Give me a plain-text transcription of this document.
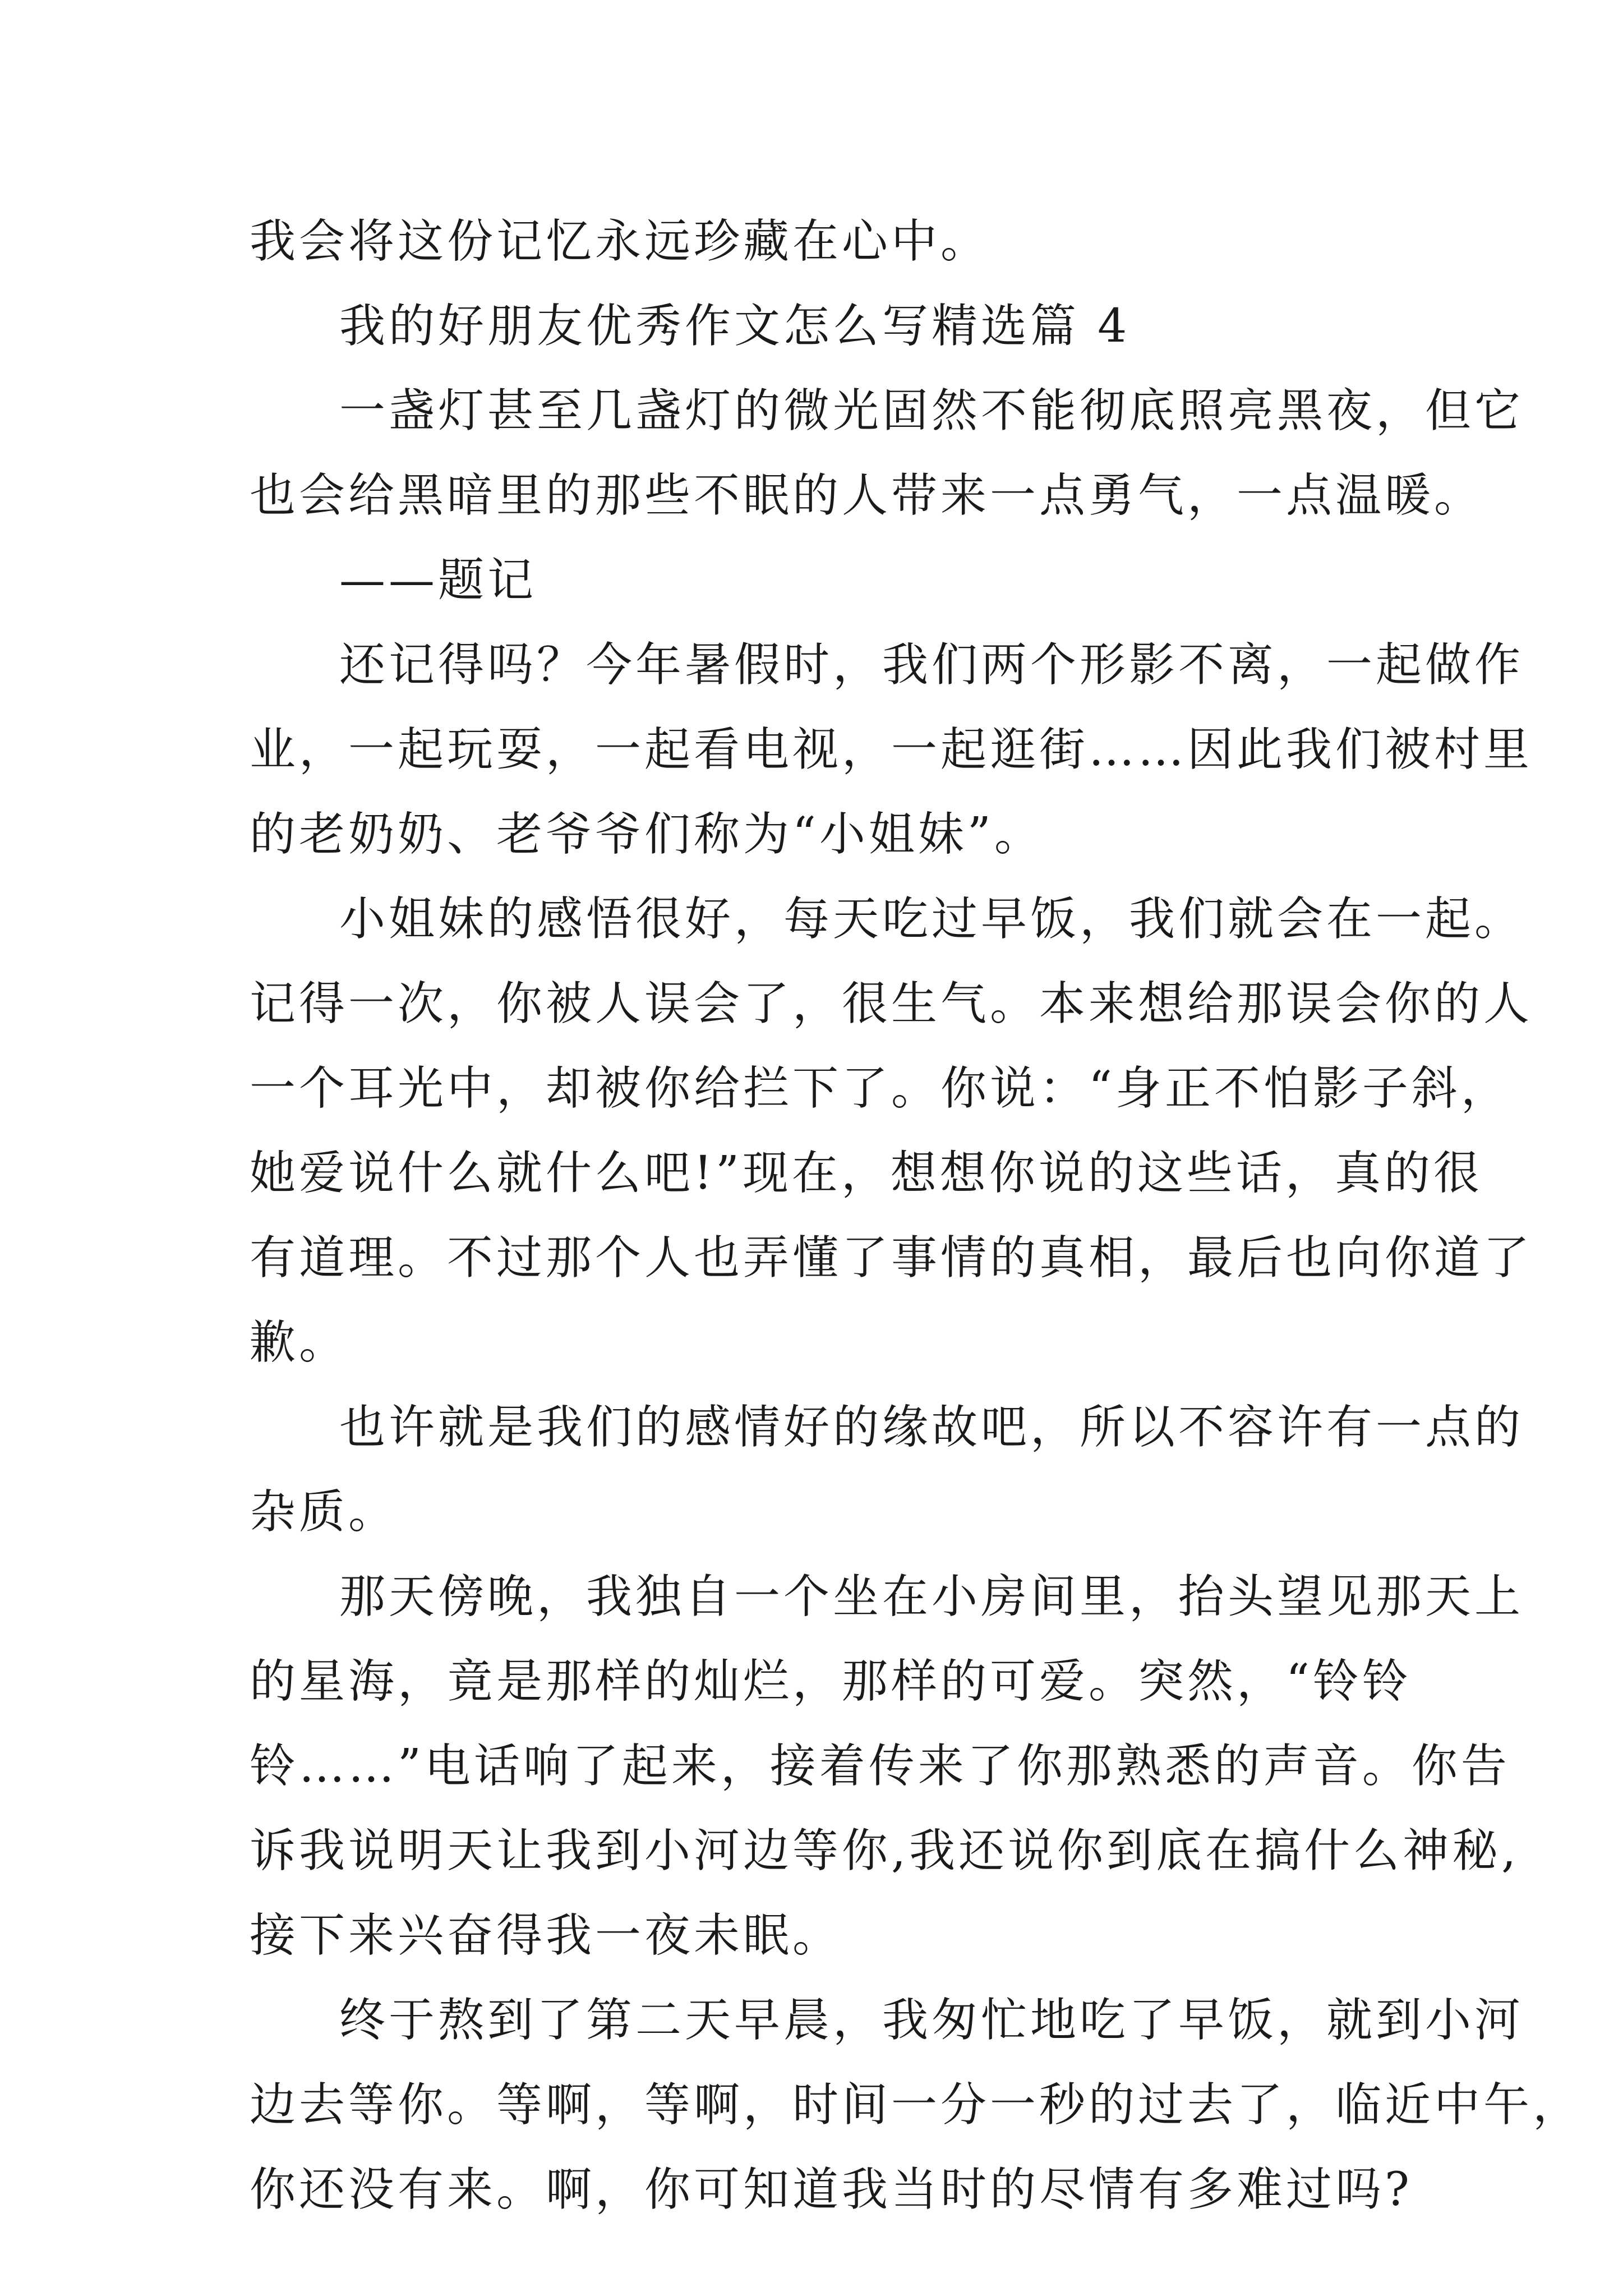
我会将这份记忆永远珍藏在心中。
我的好朋友优秀作文怎么写精选篇 4
一盏灯甚至几盏灯的微光固然不能彻底照亮黑夜，但它
也会给黑暗里的那些不眠的人带来一点勇气，一点温暖。
——题记
还记得吗？今年暑假时，我们两个形影不离，一起做作
业，一起玩耍，一起看电视，一起逛街……因此我们被村里
的老奶奶、老爷爷们称为“小姐妹”。
小姐妹的感悟很好，每天吃过早饭，我们就会在一起。
记得一次，你被人误会了，很生气。本来想给那误会你的人
一个耳光中，却被你给拦下了。你说：“身正不怕影子斜，
她爱说什么就什么吧!”现在，想想你说的这些话，真的很
有道理。不过那个人也弄懂了事情的真相，最后也向你道了
歉。
也许就是我们的感情好的缘故吧，所以不容许有一点的
杂质。
那天傍晚，我独自一个坐在小房间里，抬头望见那天上
的星海，竟是那样的灿烂，那样的可爱。突然，“铃铃
铃……”电话响了起来，接着传来了你那熟悉的声音。你告
诉我说明天让我到小河边等你,我还说你到底在搞什么神秘,
接下来兴奋得我一夜未眠。
终于熬到了第二天早晨，我匆忙地吃了早饭，就到小河
边去等你。等啊，等啊，时间一分一秒的过去了，临近中午，
你还没有来。啊，你可知道我当时的尽情有多难过吗?
